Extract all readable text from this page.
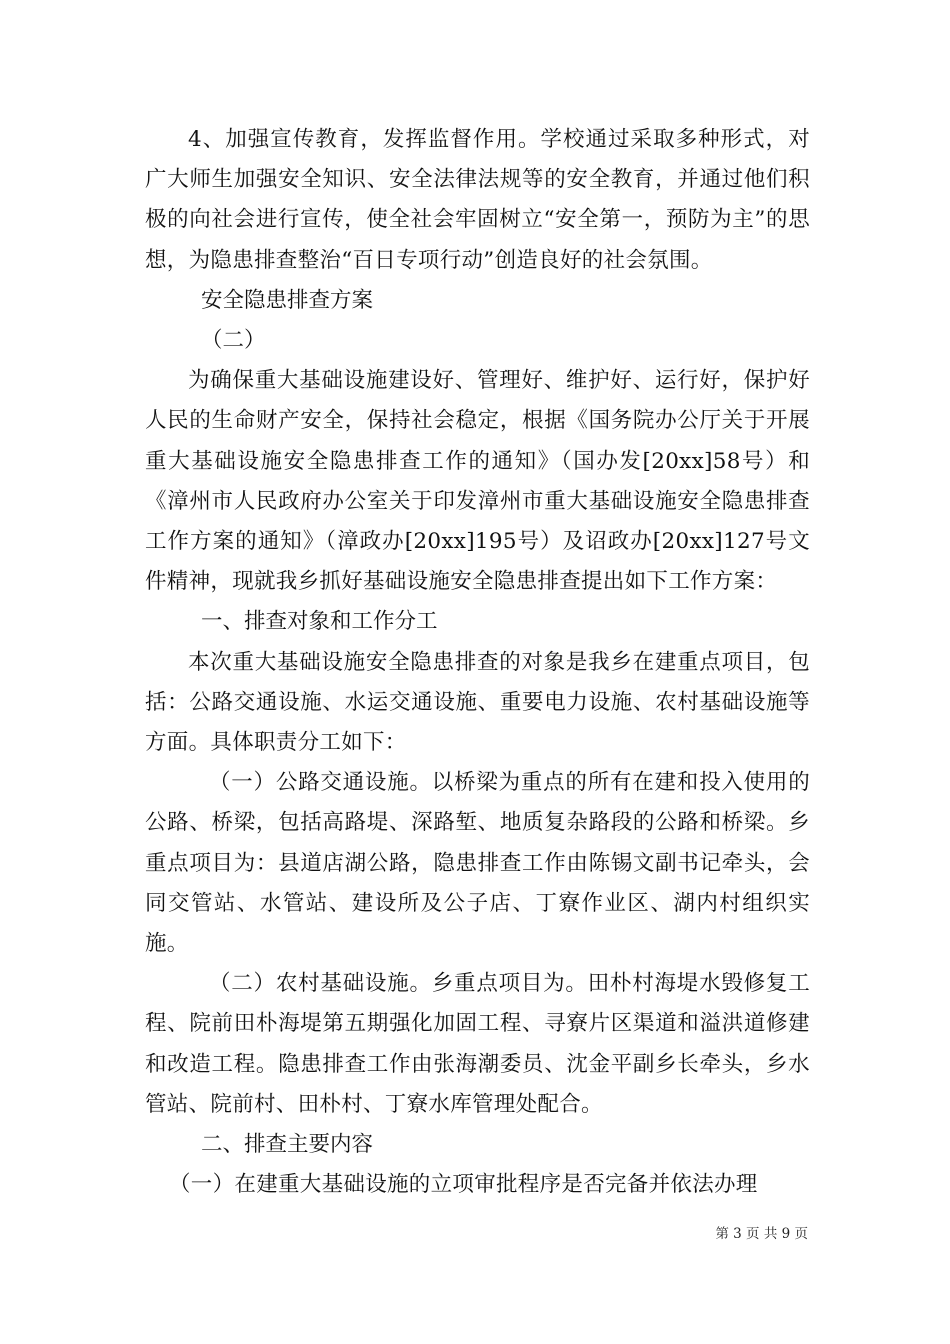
4、加强宣传教育，发挥监督作用。学校通过采取多种形式，对广大师生加强安全知识、安全法律法规等的安全教育，并通过他们积极的向社会进行宣传，使全社会牢固树立“安全第一，预防为主”的思想，为隐患排查整治“百日专项行动”创造良好的社会氛围。

安全隐患排查方案

（二）

为确保重大基础设施建设好、管理好、维护好、运行好，保护好人民的生命财产安全，保持社会稳定，根据《国务院办公厅关于开展重大基础设施安全隐患排查工作的通知》（国办发[20xx]58号）和《漳州市人民政府办公室关于印发漳州市重大基础设施安全隐患排查工作方案的通知》（漳政办[20xx]195号）及诏政办[20xx]127号文件精神，现就我乡抓好基础设施安全隐患排查提出如下工作方案：

一、排查对象和工作分工

本次重大基础设施安全隐患排查的对象是我乡在建重点项目，包括：公路交通设施、水运交通设施、重要电力设施、农村基础设施等方面。具体职责分工如下：

（一）公路交通设施。以桥梁为重点的所有在建和投入使用的公路、桥梁，包括高路堤、深路堑、地质复杂路段的公路和桥梁。乡重点项目为：县道店湖公路，隐患排查工作由陈锡文副书记牵头，会同交管站、水管站、建设所及公子店、丁寮作业区、湖内村组织实施。

（二）农村基础设施。乡重点项目为。田朴村海堤水毁修复工程、院前田朴海堤第五期强化加固工程、寻寮片区渠道和溢洪道修建和改造工程。隐患排查工作由张海潮委员、沈金平副乡长牵头，乡水管站、院前村、田朴村、丁寮水库管理处配合。

二、排查主要内容

（一）在建重大基础设施的立项审批程序是否完备并依法办理

第 3 页 共 9 页
